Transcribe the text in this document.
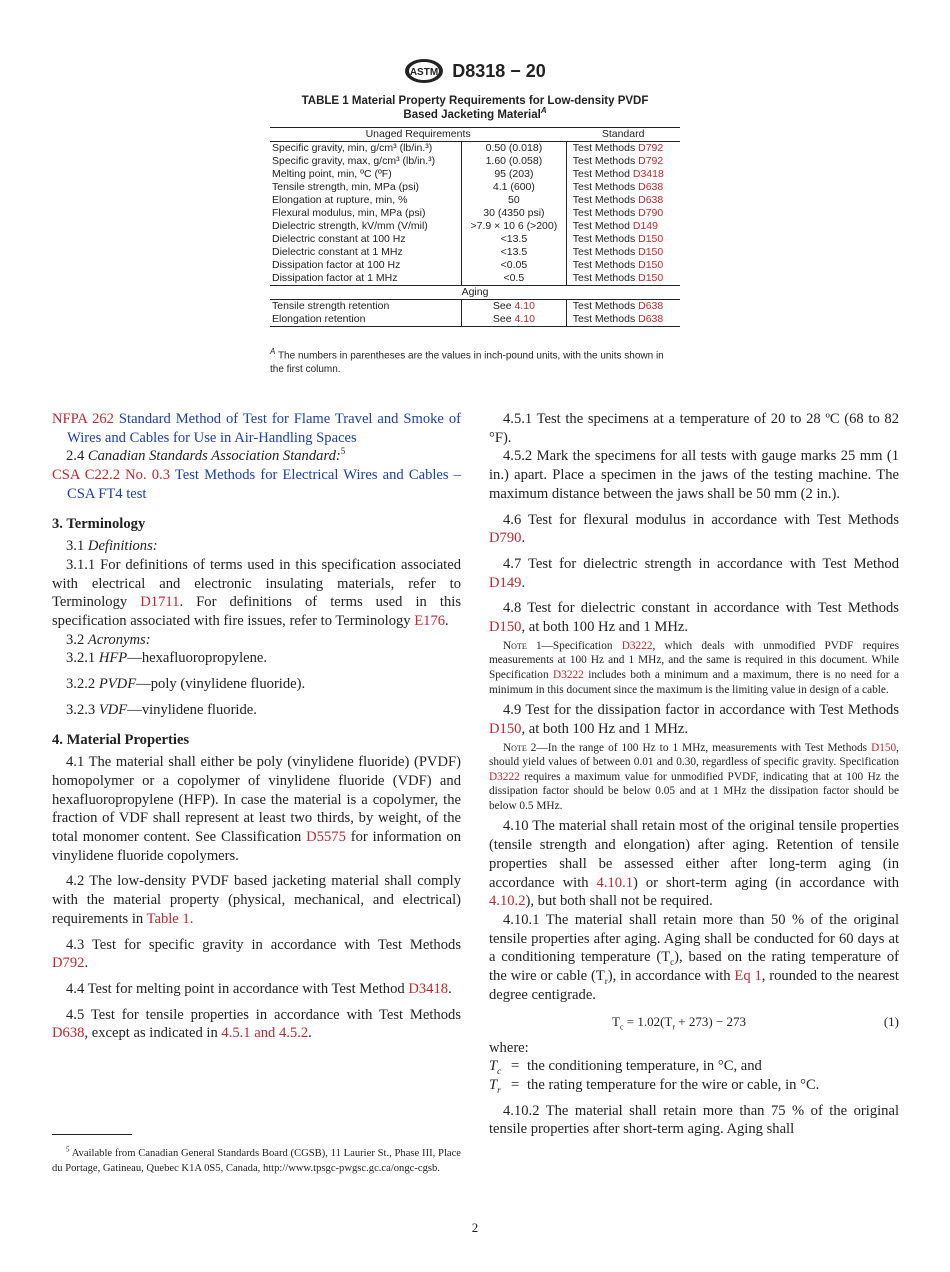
ASTM D8318 − 20
TABLE 1 Material Property Requirements for Low-density PVDF
Based Jacketing Material$^A$
Unaged Requirements		Standard
Specific gravity, min, g/cm³ (lb/in.³)	0.50 (0.018)	Test Methods D792
Specific gravity, max, g/cm³ (lb/in.³)	1.60 (0.058)	Test Methods D792
Melting point, min, ºC (ºF)	95 (203)	Test Method D3418
Tensile strength, min, MPa (psi)	4.1 (600)	Test Methods D638
Elongation at rupture, min, %	50	Test Methods D638
Flexural modulus, min, MPa (psi)	30 (4350 psi)	Test Methods D790
Dielectric strength, kV/mm (V/mil)	>7.9 × 10 6 (>200)	Test Method D149
Dielectric constant at 100 Hz	<13.5	Test Methods D150
Dielectric constant at 1 MHz	<13.5	Test Methods D150
Dissipation factor at 100 Hz	<0.05	Test Methods D150
Dissipation factor at 1 MHz	<0.5	Test Methods D150
Aging		
Tensile strength retention	See 4.10	Test Methods D638
Elongation retention	See 4.10	Test Methods D638
$^A$ The numbers in parentheses are the values in inch-pound units, with the units shown in the first column.

NFPA 262 Standard Method of Test for Flame Travel and Smoke of Wires and Cables for Use in Air-Handling Spaces

2.4 Canadian Standards Association Standard:$^5$

CSA C22.2 No. 0.3 Test Methods for Electrical Wires and Cables – CSA FT4 test

3. Terminology

3.1 Definitions:

3.1.1 For definitions of terms used in this specification associated with electrical and electronic insulating materials, refer to Terminology D1711. For definitions of terms used in this specification associated with fire issues, refer to Terminology E176.

3.2 Acronyms:

3.2.1 HFP—hexafluoropropylene.

3.2.2 PVDF—poly (vinylidene fluoride).

3.2.3 VDF—vinylidene fluoride.

4. Material Properties

4.1 The material shall either be poly (vinylidene fluoride) (PVDF) homopolymer or a copolymer of vinylidene fluoride (VDF) and hexafluoropropylene (HFP). In case the material is a copolymer, the fraction of VDF shall represent at least two thirds, by weight, of the total monomer content. See Classification D5575 for information on vinylidene fluoride copolymers.

4.2 The low-density PVDF based jacketing material shall comply with the material property (physical, mechanical, and electrical) requirements in Table 1.

4.3 Test for specific gravity in accordance with Test Methods D792.

4.4 Test for melting point in accordance with Test Method D3418.

4.5 Test for tensile properties in accordance with Test Methods D638, except as indicated in 4.5.1 and 4.5.2.

$^5$ Available from Canadian General Standards Board (CGSB), 11 Laurier St., Phase III, Place du Portage, Gatineau, Quebec K1A 0S5, Canada, http://www.tpsgc-pwgsc.gc.ca/ongc-cgsb.

4.5.1 Test the specimens at a temperature of 20 to 28 ºC (68 to 82 °F).

4.5.2 Mark the specimens for all tests with gauge marks 25 mm (1 in.) apart. Place a specimen in the jaws of the testing machine. The maximum distance between the jaws shall be 50 mm (2 in.).

4.6 Test for flexural modulus in accordance with Test Methods D790.

4.7 Test for dielectric strength in accordance with Test Method D149.

4.8 Test for dielectric constant in accordance with Test Methods D150, at both 100 Hz and 1 MHz.

Note 1—Specification D3222, which deals with unmodified PVDF requires measurements at 100 Hz and 1 MHz, and the same is required in this document. While Specification D3222 includes both a minimum and a maximum, there is no need for a minimum in this document since the maximum is the limiting value in design of a cable.

4.9 Test for the dissipation factor in accordance with Test Methods D150, at both 100 Hz and 1 MHz.

Note 2—In the range of 100 Hz to 1 MHz, measurements with Test Methods D150, should yield values of between 0.01 and 0.30, regardless of specific gravity. Specification D3222 requires a maximum value for unmodified PVDF, indicating that at 100 Hz the dissipation factor should be below 0.05 and at 1 MHz the dissipation factor should be below 0.5 MHz.

4.10 The material shall retain most of the original tensile properties (tensile strength and elongation) after aging. Retention of tensile properties shall be assessed either after long-term aging (in accordance with 4.10.1) or short-term aging (in accordance with 4.10.2), but both shall not be required.

4.10.1 The material shall retain more than 50 % of the original tensile properties after aging. Aging shall be conducted for 60 days at a conditioning temperature $(T_c)$, based on the rating temperature of the wire or cable $(T_r)$, in accordance with Eq 1, rounded to the nearest degree centigrade.

$T_c = 1.02(T_r + 273) - 273$	(1)

where:

$T_c$ = the conditioning temperature, in °C, and
$T_r$ = the rating temperature for the wire or cable, in °C.

4.10.2 The material shall retain more than 75 % of the original tensile properties after short-term aging. Aging shall

2
